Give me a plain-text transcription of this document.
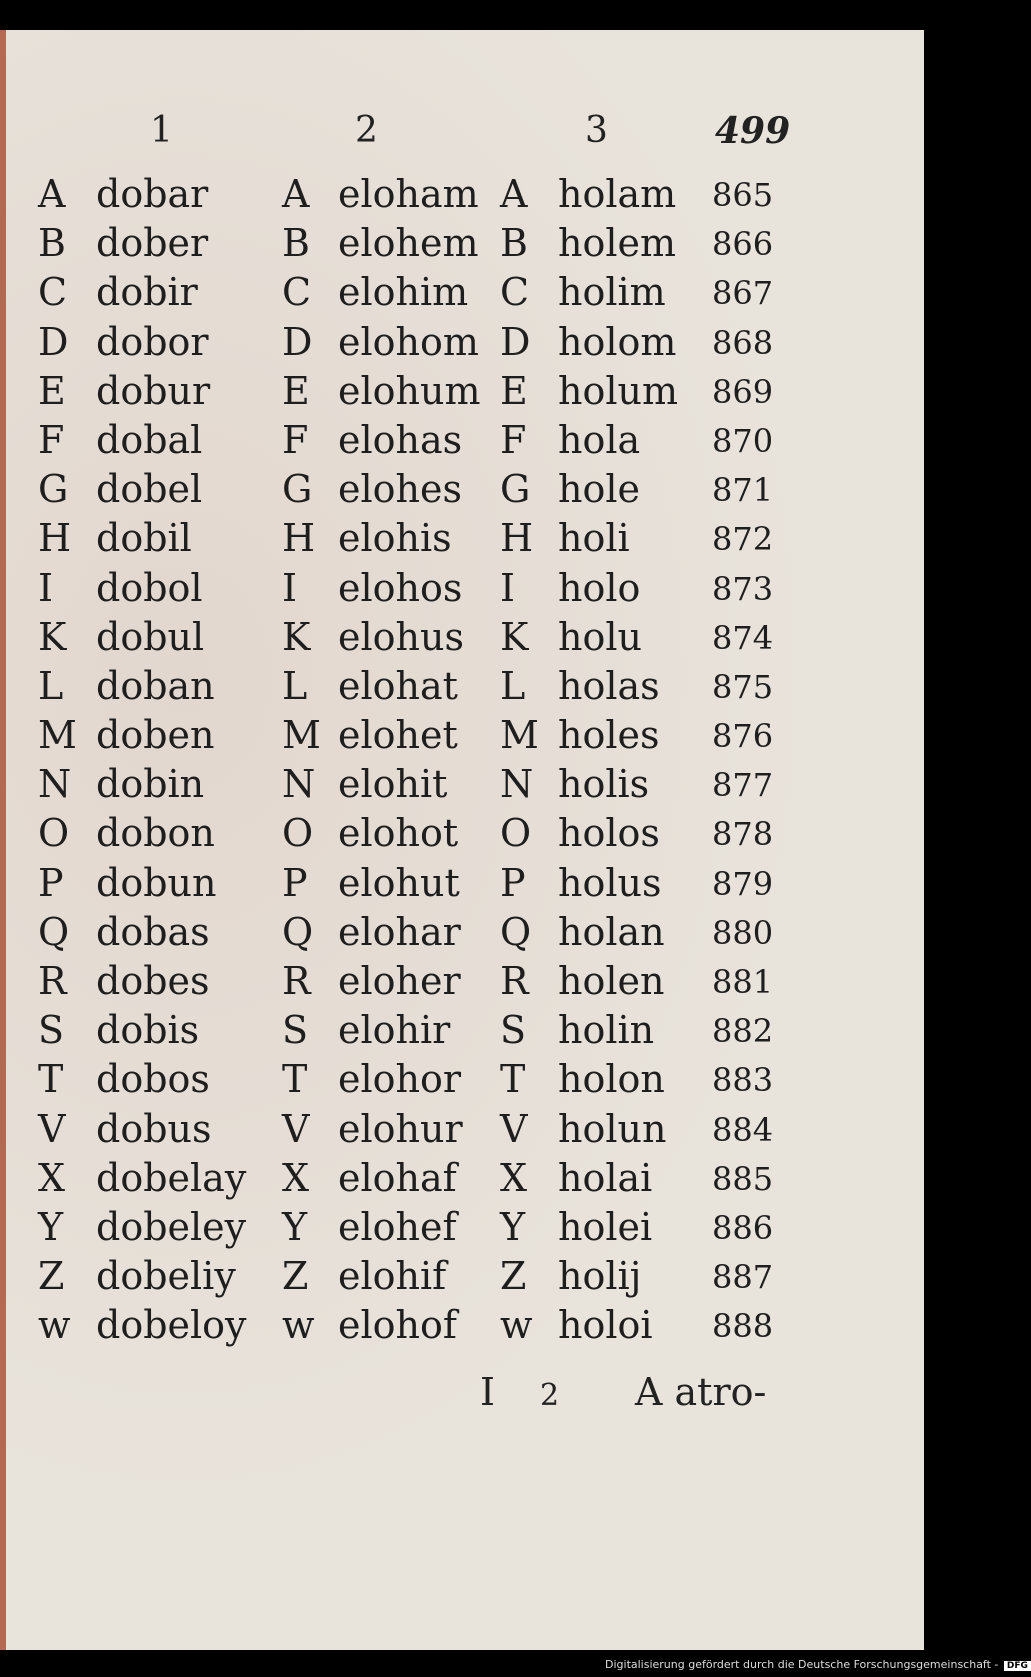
1	2	3	499
A dobar A eloham A holam 865
B dober B elohem B holem 866
C dobir C elohim C holim 867
D dobor D elohom D holom 868
E dobur E elohum E holum 869
F dobal F elohas F hola 870
G dobel G elohes G hole 871
H dobil H elohis H holi	872
I dobol I elohos I holo 873
K dobul K elohus K holu 874
L doban L elohat L holas 875
M doben M elohet M holes 876
N dobin N elohit N holis 877
O dobon O elohot O holos 878
P dobun P elohut P holus 879
Q dobas Q elohar Q holan 880
R dobes R eloher R holen 881
S dobis S elohir S holin 882
T dobos T elohor T holon 883
V dobus V elohur V holun 884
X dobelay X elohaf X holai 885
Y dobeley Y elohef Y holei 886
Z dobeliy Z elohif Z holij 887
w dobeloy w elohof w holoi 888
I 2 A atro-
Digitalisierung gefördert durch die Deutsche Forschungsgemeinschaft - DFG
